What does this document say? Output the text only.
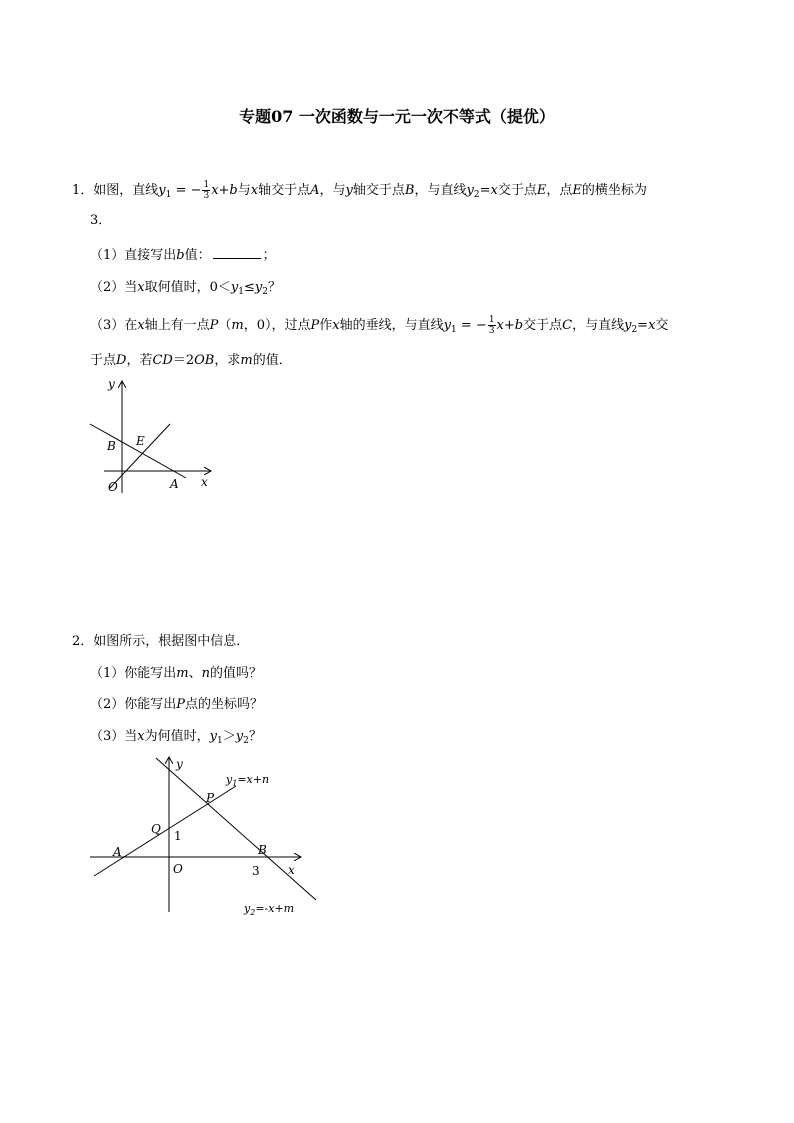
专题07 一次函数与一元一次不等式（提优）
1．如图，直线$y_1$ = − $\frac{1}{3} x+b$与x轴交于点A，与y轴交于点B，与直线$y_2=x$交于点E，点E的横坐标为
3．
（1）直接写出b值：	；
（2）当x取何值时，$0<y_1\le y_2$？
（3）在x轴上有一点P（m，0），过点P作x轴的垂线，与直线$y_1$ = − $\frac{1}{3} x+b$交于点C，与直线$y_2=x$交
于点D，若CD＝2OB，求m的值．
y
x
B E
O	A
2．如图所示，根据图中信息．
（1）你能写出m、n的值吗？
（2）你能写出P点的坐标吗？
（3）当x为何值时，$y_1>y_2$？
y
x
P
Q 1
A	B
O	3
$y_1=x+n$
$y_2=-x+m$
